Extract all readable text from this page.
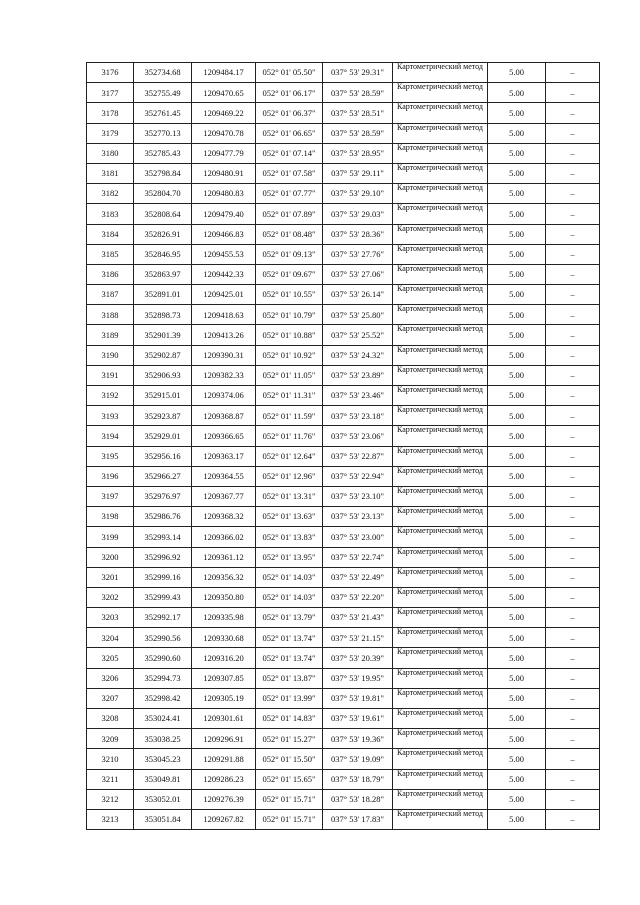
3176	352734.68	1209484.17	052° 01' 05.50"	037° 53' 29.31"	Картометрический метод	5.00	–
3177	352755.49	1209470.65	052° 01' 06.17"	037° 53' 28.59"	Картометрический метод	5.00	–
3178	352761.45	1209469.22	052° 01' 06.37"	037° 53' 28.51"	Картометрический метод	5.00	–
3179	352770.13	1209470.78	052° 01' 06.65"	037° 53' 28.59"	Картометрический метод	5.00	–
3180	352785.43	1209477.79	052° 01' 07.14"	037° 53' 28.95"	Картометрический метод	5.00	–
3181	352798.84	1209480.91	052° 01' 07.58"	037° 53' 29.11"	Картометрический метод	5.00	–
3182	352804.70	1209480.83	052° 01' 07.77"	037° 53' 29.10"	Картометрический метод	5.00	–
3183	352808.64	1209479.40	052° 01' 07.89"	037° 53' 29.03"	Картометрический метод	5.00	–
3184	352826.91	1209466.83	052° 01' 08.48"	037° 53' 28.36"	Картометрический метод	5.00	–
3185	352846.95	1209455.53	052° 01' 09.13"	037° 53' 27.76"	Картометрический метод	5.00	–
3186	352863.97	1209442.33	052° 01' 09.67"	037° 53' 27.06"	Картометрический метод	5.00	–
3187	352891.01	1209425.01	052° 01' 10.55"	037° 53' 26.14"	Картометрический метод	5.00	–
3188	352898.73	1209418.63	052° 01' 10.79"	037° 53' 25.80"	Картометрический метод	5.00	–
3189	352901.39	1209413.26	052° 01' 10.88"	037° 53' 25.52"	Картометрический метод	5.00	–
3190	352902.87	1209390.31	052° 01' 10.92"	037° 53' 24.32"	Картометрический метод	5.00	–
3191	352906.93	1209382.33	052° 01' 11.05"	037° 53' 23.89"	Картометрический метод	5.00	–
3192	352915.01	1209374.06	052° 01' 11.31"	037° 53' 23.46"	Картометрический метод	5.00	–
3193	352923.87	1209368.87	052° 01' 11.59"	037° 53' 23.18"	Картометрический метод	5.00	–
3194	352929.01	1209366.65	052° 01' 11.76"	037° 53' 23.06"	Картометрический метод	5.00	–
3195	352956.16	1209363.17	052° 01' 12.64"	037° 53' 22.87"	Картометрический метод	5.00	–
3196	352966.27	1209364.55	052° 01' 12.96"	037° 53' 22.94"	Картометрический метод	5.00	–
3197	352976.97	1209367.77	052° 01' 13.31"	037° 53' 23.10"	Картометрический метод	5.00	–
3198	352986.76	1209368.32	052° 01' 13.63"	037° 53' 23.13"	Картометрический метод	5.00	–
3199	352993.14	1209366.02	052° 01' 13.83"	037° 53' 23.00"	Картометрический метод	5.00	–
3200	352996.92	1209361.12	052° 01' 13.95"	037° 53' 22.74"	Картометрический метод	5.00	–
3201	352999.16	1209356.32	052° 01' 14.03"	037° 53' 22.49"	Картометрический метод	5.00	–
3202	352999.43	1209350.80	052° 01' 14.03"	037° 53' 22.20"	Картометрический метод	5.00	–
3203	352992.17	1209335.98	052° 01' 13.79"	037° 53' 21.43"	Картометрический метод	5.00	–
3204	352990.56	1209330.68	052° 01' 13.74"	037° 53' 21.15"	Картометрический метод	5.00	–
3205	352990.60	1209316.20	052° 01' 13.74"	037° 53' 20.39"	Картометрический метод	5.00	–
3206	352994.73	1209307.85	052° 01' 13.87"	037° 53' 19.95"	Картометрический метод	5.00	–
3207	352998.42	1209305.19	052° 01' 13.99"	037° 53' 19.81"	Картометрический метод	5.00	–
3208	353024.41	1209301.61	052° 01' 14.83"	037° 53' 19.61"	Картометрический метод	5.00	–
3209	353038.25	1209296.91	052° 01' 15.27"	037° 53' 19.36"	Картометрический метод	5.00	–
3210	353045.23	1209291.88	052° 01' 15.50"	037° 53' 19.09"	Картометрический метод	5.00	–
3211	353049.81	1209286.23	052° 01' 15.65"	037° 53' 18.79"	Картометрический метод	5.00	–
3212	353052.01	1209276.39	052° 01' 15.71"	037° 53' 18.28"	Картометрический метод	5.00	–
3213	353051.84	1209267.82	052° 01' 15.71"	037° 53' 17.83"	Картометрический метод	5.00	–
